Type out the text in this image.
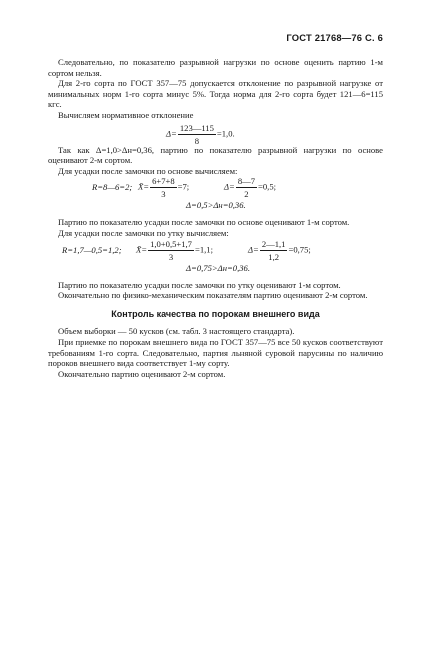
ГОСТ 21768—76 С. 6

Следовательно, по показателю разрывной нагрузки по основе оценить партию 1-м сортом нельзя.

Для 2-го сорта по ГОСТ 357—75 допускается отклонение по разрывной нагрузке от минимальных норм 1-го сорта минус 5%. Тогда норма для 2-го сорта будет 121—6=115 кгс.

Вычисляем нормативное отклонение

$\Delta= \frac{123—115}{8} =1,0$.

Так как Δ=1,0>Δн=0,36, партию по показателю разрывной нагрузки по основе оценивают 2-м сортом.

Для усадки после замочки по основе вычисляем:

R=8—6=2; X̄= $\frac{6+7+8}{3} =7$;	$\Delta= \frac{8—7}{2} =0,5$;
Δ=0,5>Δн=0,36.

Партию по показателю усадки после замочки по основе оценивают 1-м сортом.

Для усадки после замочки по утку вычисляем:

R=1,7—0,5=1,2; X̄= $\frac{1,0+0,5+1,7}{3} =1,1$;	$\Delta= \frac{2—1,1}{1,2} =0,75$;
Δ=0,75>Δн=0,36.

Партию по показателю усадки после замочки по утку оценивают 1-м сортом.

Окончательно по физико-механическим показателям партию оценивают 2-м сортом.

Контроль качества по порокам внешнего вида

Объем выборки — 50 кусков (см. табл. 3 настоящего стандарта).

При приемке по порокам внешнего вида по ГОСТ 357—75 все 50 кусков соответствуют требованиям 1-го сорта. Следовательно, партия льняной суровой парусины по наличию пороков внешнего вида соответствует 1-му сорту.

Окончательно партию оценивают 2-м сортом.
